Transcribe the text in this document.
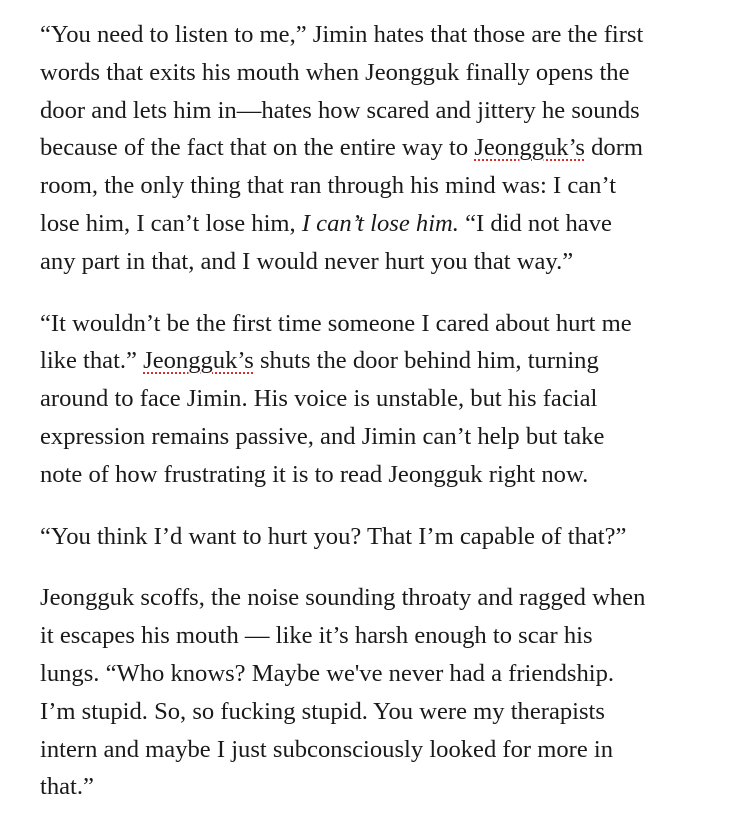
“You need to listen to me,” Jimin hates that those are the first
words that exits his mouth when Jeongguk finally opens the
door and lets him in—hates how scared and jittery he sounds
because of the fact that on the entire way to Jeongguk’s dorm
room, the only thing that ran through his mind was: I can’t
lose him, I can’t lose him, I can’t lose him. “I did not have
any part in that, and I would never hurt you that way.”

“It wouldn’t be the first time someone I cared about hurt me
like that.” Jeongguk’s shuts the door behind him, turning
around to face Jimin. His voice is unstable, but his facial
expression remains passive, and Jimin can’t help but take
note of how frustrating it is to read Jeongguk right now.

“You think I’d want to hurt you? That I’m capable of that?”

Jeongguk scoffs, the noise sounding throaty and ragged when
it escapes his mouth — like it’s harsh enough to scar his
lungs. “Who knows? Maybe we've never had a friendship.
I’m stupid. So, so fucking stupid. You were my therapists
intern and maybe I just subconsciously looked for more in
that.”
